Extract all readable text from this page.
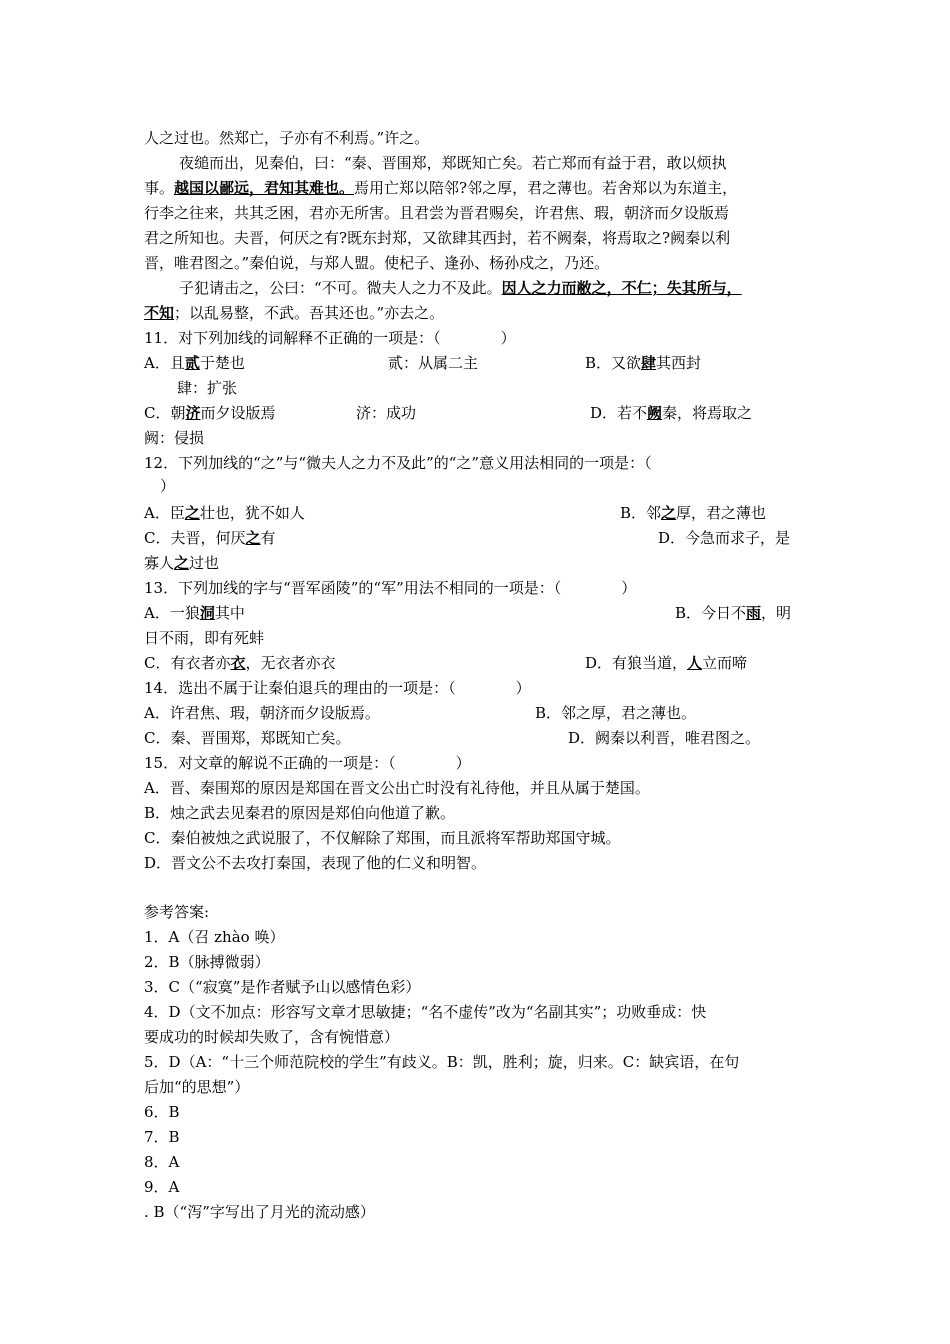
人之过也。然郑亡，子亦有不利焉。”许之。
夜缒而出，见秦伯，曰：“秦、晋围郑，郑既知亡矣。若亡郑而有益于君，敢以烦执
事。越国以鄙远，君知其难也。焉用亡郑以陪邻?邻之厚，君之薄也。若舍郑以为东道主，
行李之往来，共其乏困，君亦无所害。且君尝为晋君赐矣，许君焦、瑕，朝济而夕设版焉
君之所知也。夫晋，何厌之有?既东封郑，又欲肆其西封，若不阙秦，将焉取之?阙秦以利
晋，唯君图之。”秦伯说，与郑人盟。使杞子、逢孙、杨孙戍之，乃还。
子犯请击之，公曰：“不可。微夫人之力不及此。因人之力而敝之，不仁；失其所与，
不知；以乱易整，不武。吾其还也。”亦去之。
11．对下列加线的词解释不正确的一项是：（　　　　）
A．且贰于楚也	贰：从属二主	B．又欲肆其西封
肆：扩张
C．朝济而夕设版焉	济：成功	D．若不阙秦，将焉取之
阙：侵损
12．下列加线的“之”与“微夫人之力不及此”的“之”意义用法相同的一项是：（
）
A．臣之壮也，犹不如人	B．邻之厚，君之薄也
C．夫晋，何厌之有	D．今急而求子，是
寡人之过也
13．下列加线的字与“晋军函陵”的“军”用法不相同的一项是：（　　　　）
A．一狼洞其中	B．今日不雨，明
日不雨，即有死蚌
C．有衣者亦衣，无衣者亦衣	D．有狼当道，人立而啼
14．选出不属于让秦伯退兵的理由的一项是：（　　　　）
A．许君焦、瑕，朝济而夕设版焉。	B．邻之厚，君之薄也。
C．秦、晋围郑，郑既知亡矣。	D．阙秦以利晋，唯君图之。
15．对文章的解说不正确的一项是：（　　　　）
A．晋、秦围郑的原因是郑国在晋文公出亡时没有礼待他，并且从属于楚国。
B．烛之武去见秦君的原因是郑伯向他道了歉。
C．秦伯被烛之武说服了，不仅解除了郑围，而且派将军帮助郑国守城。
D．晋文公不去攻打秦国，表现了他的仁义和明智。
参考答案:
1．A（召 zhào 唤）
2．B（脉搏微弱）
3．C（“寂寞”是作者赋予山以感情色彩）
4．D（文不加点：形容写文章才思敏捷；“名不虚传”改为“名副其实”；功败垂成：快
要成功的时候却失败了，含有惋惜意）
5．D（A：“十三个师范院校的学生”有歧义。B：凯，胜利；旋，归来。C：缺宾语，在句
后加“的思想”）
6．B
7．B
8．A
9．A
. B（“泻”字写出了月光的流动感）
